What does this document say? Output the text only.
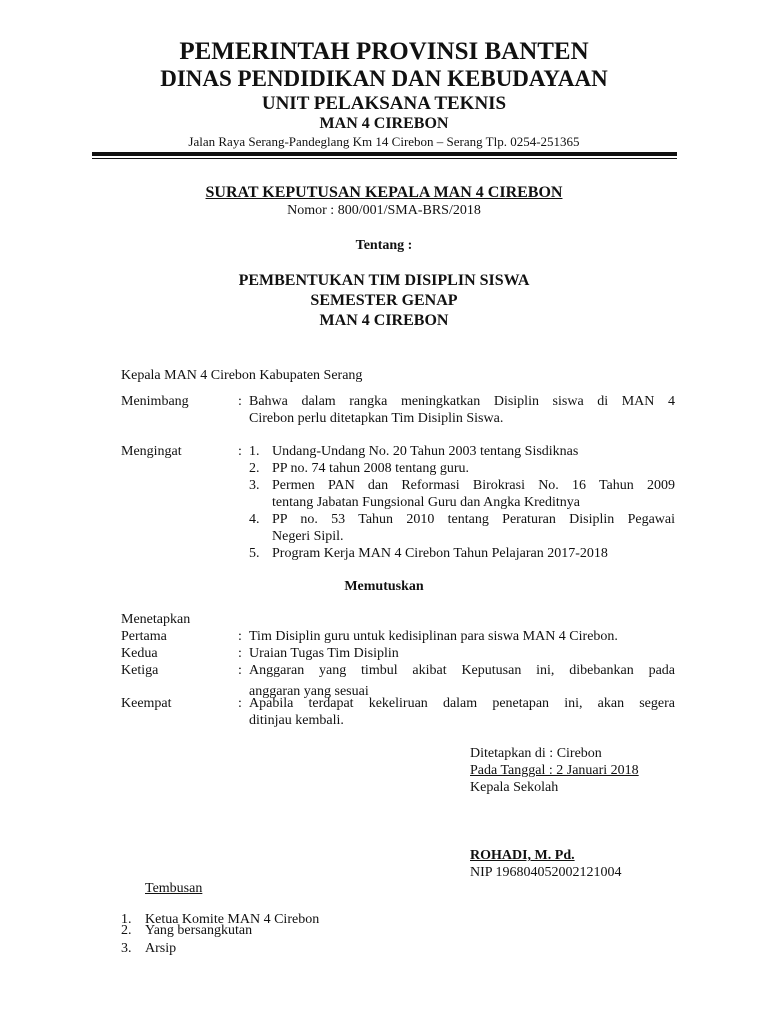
PEMERINTAH PROVINSI BANTEN
DINAS PENDIDIKAN DAN KEBUDAYAAN
UNIT PELAKSANA TEKNIS
MAN 4 CIREBON
Jalan Raya Serang-Pandeglang Km 14 Cirebon – Serang Tlp. 0254-251365
SURAT KEPUTUSAN KEPALA MAN 4 CIREBON
Nomor : 800/001/SMA-BRS/2018
Tentang :
PEMBENTUKAN TIM DISIPLIN SISWA
SEMESTER GENAP
MAN 4 CIREBON
Kepala MAN 4 Cirebon Kabupaten Serang
Menimbang	: Bahwa dalam rangka meningkatkan Disiplin siswa di MAN 4
Cirebon perlu ditetapkan Tim Disiplin Siswa.
Mengingat	: 1. Undang-Undang No. 20 Tahun 2003 tentang Sisdiknas
2. PP no. 74 tahun 2008 tentang guru.
3. Permen PAN dan Reformasi Birokrasi No. 16 Tahun 2009
tentang Jabatan Fungsional Guru dan Angka Kreditnya
4. PP no. 53 Tahun 2010 tentang Peraturan Disiplin Pegawai
Negeri Sipil.
5. Program Kerja MAN 4 Cirebon Tahun Pelajaran 2017-2018
Memutuskan
Menetapkan
Pertama	: Tim Disiplin guru untuk kedisiplinan para siswa MAN 4 Cirebon.
Kedua	: Uraian Tugas Tim Disiplin
Ketiga	: Anggaran yang timbul akibat Keputusan ini, dibebankan pada
anggaran yang sesuai
Keempat	: Apabila terdapat kekeliruan dalam penetapan ini, akan segera
ditinjau kembali.
Ditetapkan di : Cirebon
Pada Tanggal : 2 Januari 2018
Kepala Sekolah
ROHADI, M. Pd.
NIP 196804052002121004
Tembusan
1. Ketua Komite MAN 4 Cirebon
2. Yang bersangkutan
3. Arsip
